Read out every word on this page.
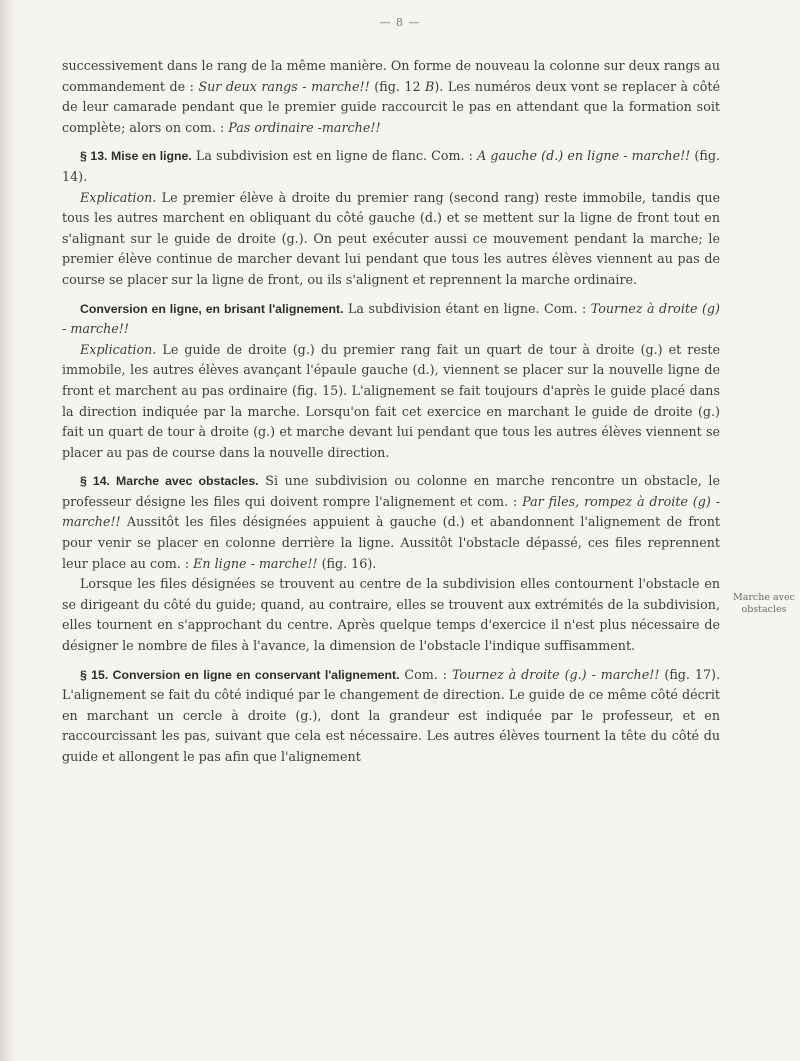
— 8 —

successivement dans le rang de la même manière. On forme de nouveau la colonne sur deux rangs au commandement de : Sur deux rangs - marche!! (fig. 12 B). Les numéros deux vont se replacer à côté de leur camarade pendant que le premier guide raccourcit le pas en attendant que la formation soit complète; alors on com. : Pas ordinaire -marche!!

§ 13. Mise en ligne. La subdivision est en ligne de flanc. Com. : A gauche (d.) en ligne - marche!! (fig. 14).

Explication. Le premier élève à droite du premier rang (second rang) reste immobile, tandis que tous les autres marchent en obliquant du côté gauche (d.) et se mettent sur la ligne de front tout en s'alignant sur le guide de droite (g.). On peut exécuter aussi ce mouvement pendant la marche; le premier élève continue de marcher devant lui pendant que tous les autres élèves viennent au pas de course se placer sur la ligne de front, ou ils s'alignent et reprennent la marche ordinaire.

Conversion en ligne, en brisant l'alignement. La subdivision étant en ligne. Com. : Tournez à droite (g) - marche!!

Explication. Le guide de droite (g.) du premier rang fait un quart de tour à droite (g.) et reste immobile, les autres élèves avançant l'épaule gauche (d.), viennent se placer sur la nouvelle ligne de front et marchent au pas ordinaire (fig. 15). L'alignement se fait toujours d'après le guide placé dans la direction indiquée par la marche. Lorsqu'on fait cet exercice en marchant le guide de droite (g.) fait un quart de tour à droite (g.) et marche devant lui pendant que tous les autres élèves viennent se placer au pas de course dans la nouvelle direction.

§ 14. Marche avec obstacles. Si une subdivision ou colonne en marche rencontre un obstacle, le professeur désigne les files qui doivent rompre l'alignement et com. : Par files, rompez à droite (g) - marche!! Aussitôt les files désignées appuient à gauche (d.) et abandonnent l'alignement de front pour venir se placer en colonne derrière la ligne. Aussitôt l'obstacle dépassé, ces files reprennent leur place au com. : En ligne - marche!! (fig. 16).

Lorsque les files désignées se trouvent au centre de la subdivision elles contournent l'obstacle en se dirigeant du côté du guide; quand, au contraire, elles se trouvent aux extrémités de la subdivision, elles tournent en s'approchant du centre. Après quelque temps d'exercice il n'est plus nécessaire de désigner le nombre de files à l'avance, la dimension de l'obstacle l'indique suffisamment.

§ 15. Conversion en ligne en conservant l'alignement. Com. : Tournez à droite (g.) - marche!! (fig. 17). L'alignement se fait du côté indiqué par le changement de direction. Le guide de ce même côté décrit en marchant un cercle à droite (g.), dont la grandeur est indiquée par le professeur, et en raccourcissant les pas, suivant que cela est nécessaire. Les autres élèves tournent la tête du côté du guide et allongent le pas afin que l'alignement

Marche avec obstacles
